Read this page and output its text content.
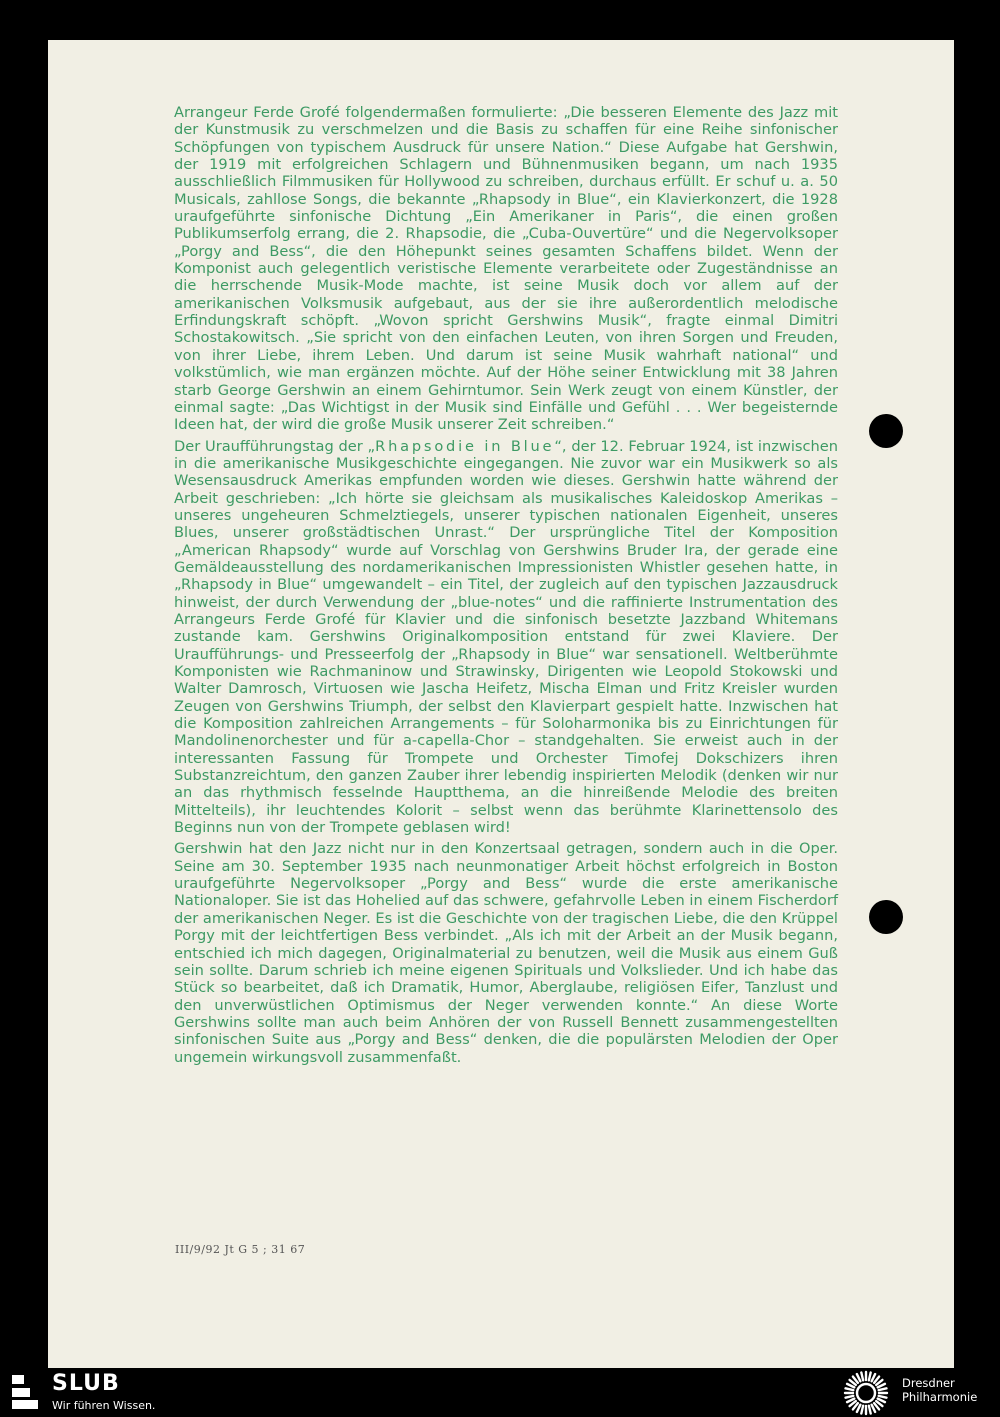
Arrangeur Ferde Grofé folgendermaßen formulierte: „Die besseren Elemente des Jazz mit der Kunstmusik zu verschmelzen und die Basis zu schaffen für eine Reihe sinfonischer Schöpfungen von typischem Ausdruck für unsere Nation.“ Diese Aufgabe hat Gershwin, der 1919 mit erfolgreichen Schlagern und Bühnenmusiken begann, um nach 1935 ausschließlich Filmmusiken für Hollywood zu schreiben, durchaus erfüllt. Er schuf u. a. 50 Musicals, zahllose Songs, die bekannte „Rhapsody in Blue“, ein Klavierkonzert, die 1928 uraufgeführte sinfonische Dichtung „Ein Amerikaner in Paris“, die einen großen Publikumserfolg errang, die 2. Rhapsodie, die „Cuba-Ouvertüre“ und die Negervolksoper „Porgy and Bess“, die den Höhepunkt seines gesamten Schaffens bildet. Wenn der Komponist auch gelegentlich veristische Elemente verarbeitete oder Zugeständnisse an die herrschende Musik-Mode machte, ist seine Musik doch vor allem auf der amerikanischen Volksmusik aufgebaut, aus der sie ihre außerordentlich melodische Erfindungskraft schöpft. „Wovon spricht Gershwins Musik“, fragte einmal Dimitri Schostakowitsch. „Sie spricht von den einfachen Leuten, von ihren Sorgen und Freuden, von ihrer Liebe, ihrem Leben. Und darum ist seine Musik wahrhaft national“ und volkstümlich, wie man ergänzen möchte. Auf der Höhe seiner Entwicklung mit 38 Jahren starb George Gershwin an einem Gehirntumor. Sein Werk zeugt von einem Künstler, der einmal sagte: „Das Wichtigst in der Musik sind Einfälle und Gefühl . . . Wer begeisternde Ideen hat, der wird die große Musik unserer Zeit schreiben.“

Der Uraufführungstag der „Rhapsodie in Blue“, der 12. Februar 1924, ist inzwischen in die amerikanische Musikgeschichte eingegangen. Nie zuvor war ein Musikwerk so als Wesensausdruck Amerikas empfunden worden wie dieses. Gershwin hatte während der Arbeit geschrieben: „Ich hörte sie gleichsam als musikalisches Kaleidoskop Amerikas – unseres ungeheuren Schmelztiegels, unserer typischen nationalen Eigenheit, unseres Blues, unserer großstädtischen Unrast.“ Der ursprüngliche Titel der Komposition „American Rhapsody“ wurde auf Vorschlag von Gershwins Bruder Ira, der gerade eine Gemäldeausstellung des nordamerikanischen Impressionisten Whistler gesehen hatte, in „Rhapsody in Blue“ umgewandelt – ein Titel, der zugleich auf den typischen Jazzausdruck hinweist, der durch Verwendung der „blue-notes“ und die raffinierte Instrumentation des Arrangeurs Ferde Grofé für Klavier und die sinfonisch besetzte Jazzband Whitemans zustande kam. Gershwins Originalkomposition entstand für zwei Klaviere. Der Uraufführungs- und Presseerfolg der „Rhapsody in Blue“ war sensationell. Weltberühmte Komponisten wie Rachmaninow und Strawinsky, Dirigenten wie Leopold Stokowski und Walter Damrosch, Virtuosen wie Jascha Heifetz, Mischa Elman und Fritz Kreisler wurden Zeugen von Gershwins Triumph, der selbst den Klavierpart gespielt hatte. Inzwischen hat die Komposition zahlreichen Arrangements – für Soloharmonika bis zu Einrichtungen für Mandolinenorchester und für a-capella-Chor – standgehalten. Sie erweist auch in der interessanten Fassung für Trompete und Orchester Timofej Dokschizers ihren Substanzreichtum, den ganzen Zauber ihrer lebendig inspirierten Melodik (denken wir nur an das rhythmisch fesselnde Hauptthema, an die hinreißende Melodie des breiten Mittelteils), ihr leuchtendes Kolorit – selbst wenn das berühmte Klarinettensolo des Beginns nun von der Trompete geblasen wird!

Gershwin hat den Jazz nicht nur in den Konzertsaal getragen, sondern auch in die Oper. Seine am 30. September 1935 nach neunmonatiger Arbeit höchst erfolgreich in Boston uraufgeführte Negervolksoper „Porgy and Bess“ wurde die erste amerikanische Nationaloper. Sie ist das Hohelied auf das schwere, gefahrvolle Leben in einem Fischerdorf der amerikanischen Neger. Es ist die Geschichte von der tragischen Liebe, die den Krüppel Porgy mit der leichtfertigen Bess verbindet. „Als ich mit der Arbeit an der Musik begann, entschied ich mich dagegen, Originalmaterial zu benutzen, weil die Musik aus einem Guß sein sollte. Darum schrieb ich meine eigenen Spirituals und Volkslieder. Und ich habe das Stück so bearbeitet, daß ich Dramatik, Humor, Aberglaube, religiösen Eifer, Tanzlust und den unverwüstlichen Optimismus der Neger verwenden konnte.“ An diese Worte Gershwins sollte man auch beim Anhören der von Russell Bennett zusammengestellten sinfonischen Suite aus „Porgy and Bess“ denken, die die populärsten Melodien der Oper ungemein wirkungsvoll zusammenfaßt.

III/9/92 Jt G 5 ; 31 67
SLUB
Wir führen Wissen.
Dresdner
Philharmonie
